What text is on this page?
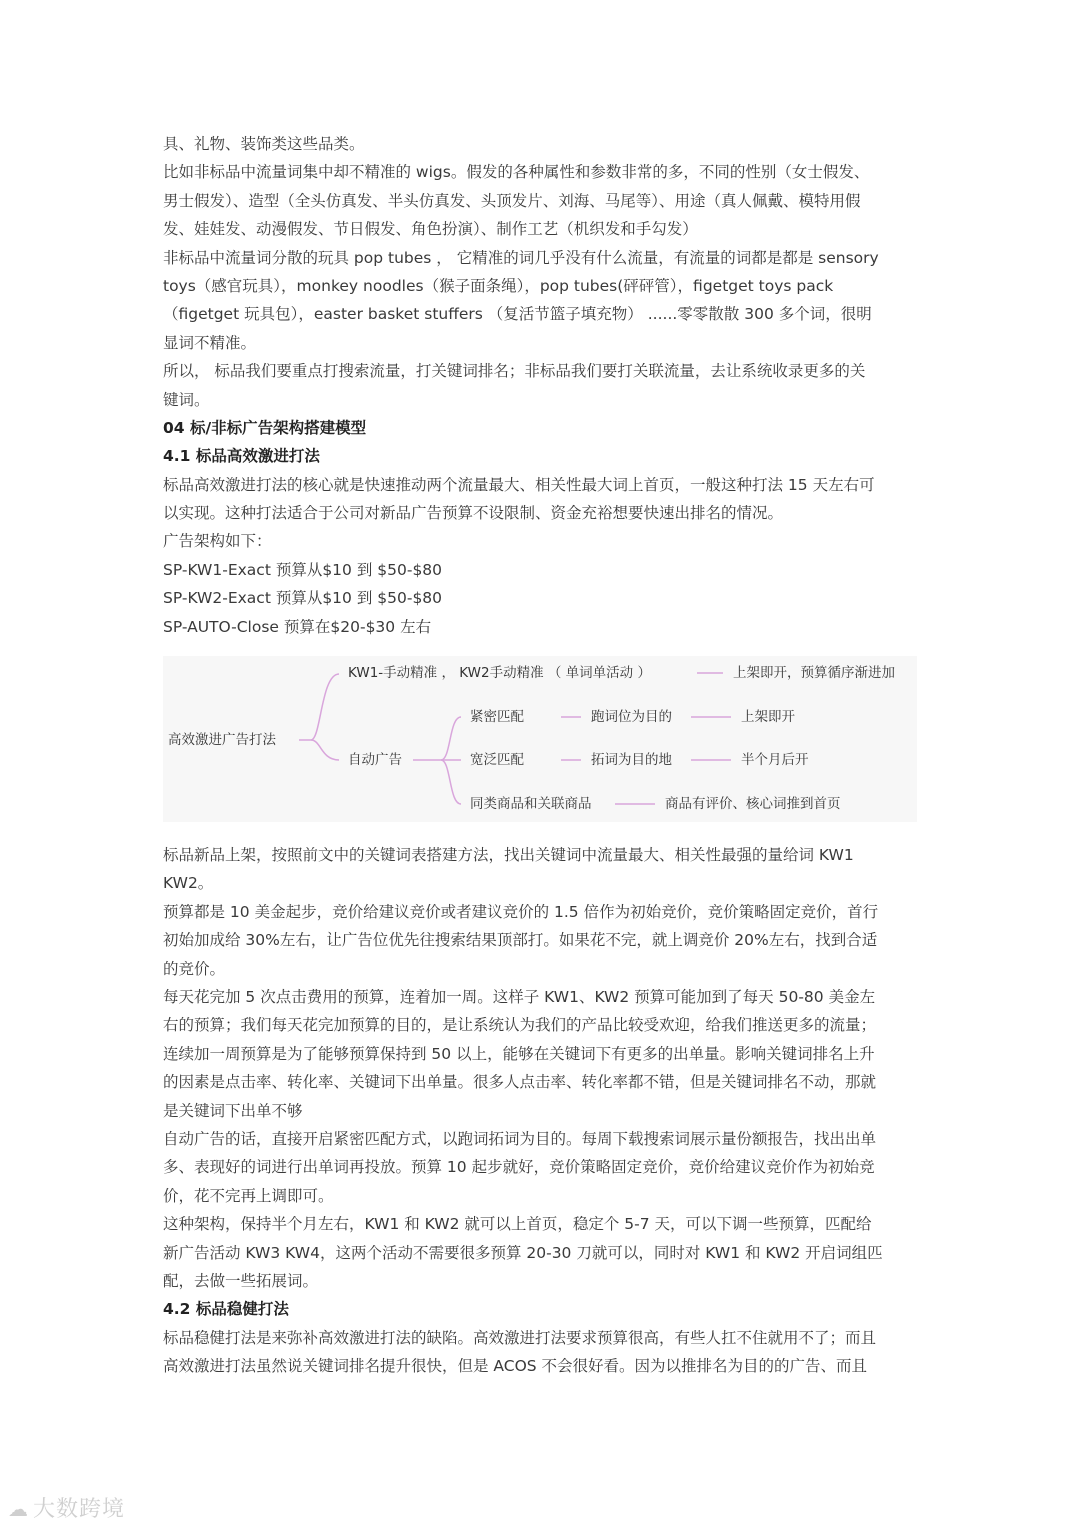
具、礼物、装饰类这些品类。
比如非标品中流量词集中却不精准的 wigs。假发的各种属性和参数非常的多，不同的性别（女士假发、
男士假发）、造型（全头仿真发、半头仿真发、头顶发片、刘海、马尾等）、用途（真人佩戴、模特用假
发、娃娃发、动漫假发、节日假发、角色扮演）、制作工艺（机织发和手勾发）
非标品中流量词分散的玩具 pop tubes ， 它精准的词几乎没有什么流量，有流量的词都是都是 sensory
toys（感官玩具），monkey noodles（猴子面条绳），pop tubes(砰砰管），figetget toys pack
（figetget 玩具包），easter basket stuffers （复活节篮子填充物） ......零零散散 300 多个词，很明
显词不精准。
所以， 标品我们要重点打搜索流量，打关键词排名；非标品我们要打关联流量，去让系统收录更多的关
键词。
04 标/非标广告架构搭建模型
4.1 标品高效激进打法
标品高效激进打法的核心就是快速推动两个流量最大、相关性最大词上首页，一般这种打法 15 天左右可
以实现。这种打法适合于公司对新品广告预算不设限制、资金充裕想要快速出排名的情况。
广告架构如下：
SP-KW1-Exact 预算从$10 到 $50-$80
SP-KW2-Exact 预算从$10 到 $50-$80
SP-AUTO-Close 预算在$20-$30 左右
标品新品上架，按照前文中的关键词表搭建方法，找出关键词中流量最大、相关性最强的量给词 KW1
KW2。
预算都是 10 美金起步，竞价给建议竞价或者建议竞价的 1.5 倍作为初始竞价，竞价策略固定竞价，首行
初始加成给 30%左右，让广告位优先往搜索结果顶部打。如果花不完，就上调竞价 20%左右，找到合适
的竞价。
每天花完加 5 次点击费用的预算，连着加一周。这样子 KW1、KW2 预算可能加到了每天 50-80 美金左
右的预算；我们每天花完加预算的目的，是让系统认为我们的产品比较受欢迎，给我们推送更多的流量；
连续加一周预算是为了能够预算保持到 50 以上，能够在关键词下有更多的出单量。影响关键词排名上升
的因素是点击率、转化率、关键词下出单量。很多人点击率、转化率都不错，但是关键词排名不动，那就
是关键词下出单不够
自动广告的话，直接开启紧密匹配方式，以跑词拓词为目的。每周下载搜索词展示量份额报告，找出出单
多、表现好的词进行出单词再投放。预算 10 起步就好，竞价策略固定竞价，竞价给建议竞价作为初始竞
价，花不完再上调即可。
这种架构，保持半个月左右，KW1 和 KW2 就可以上首页，稳定个 5-7 天，可以下调一些预算，匹配给
新广告活动 KW3 KW4，这两个活动不需要很多预算 20-30 刀就可以，同时对 KW1 和 KW2 开启词组匹
配，去做一些拓展词。
4.2 标品稳健打法
标品稳健打法是来弥补高效激进打法的缺陷。高效激进打法要求预算很高，有些人扛不住就用不了；而且
高效激进打法虽然说关键词排名提升很快，但是 ACOS 不会很好看。因为以推排名为目的的广告、而且
高效激进广告打法
KW1-手动精准 ， KW2手动精准 （ 单词单活动 ）	上架即开，预算循序渐进加
自动广告
紧密匹配	跑词位为目的	上架即开
宽泛匹配	拓词为目的地	半个月后开
同类商品和关联商品	商品有评价、核心词推到首页
☁ 大数跨境
